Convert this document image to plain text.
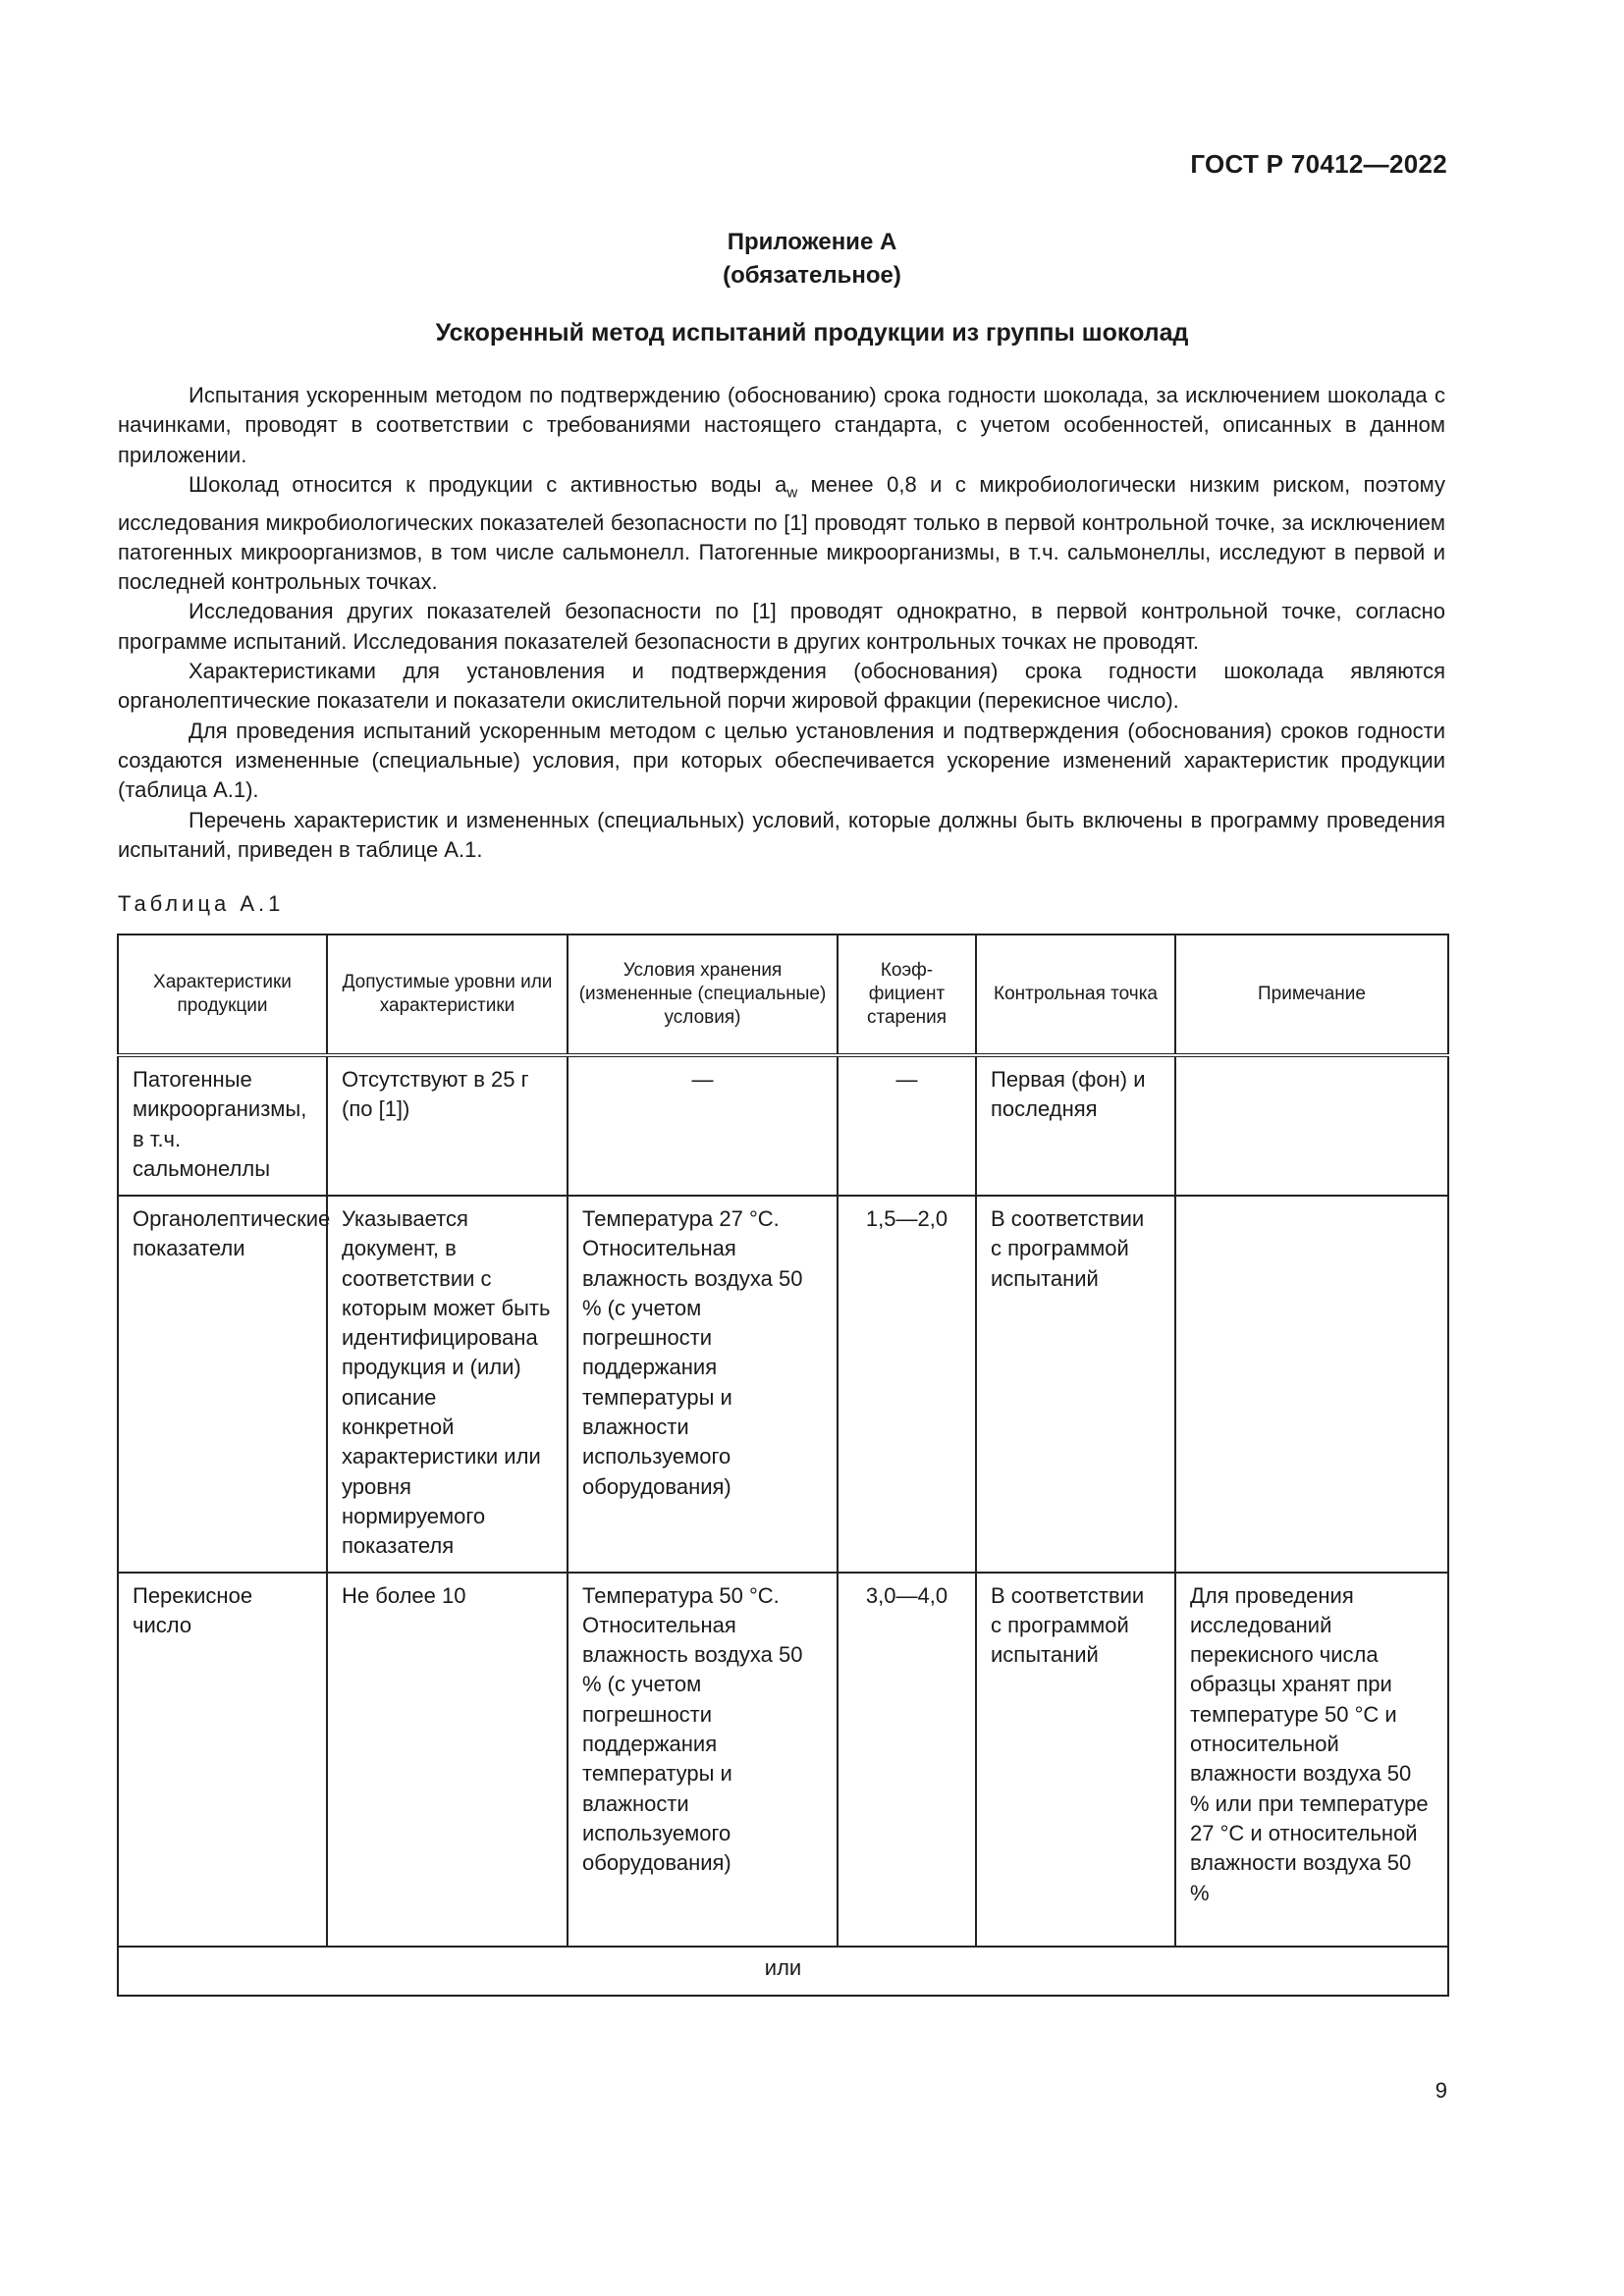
ГОСТ Р 70412—2022
Приложение А
(обязательное)
Ускоренный метод испытаний продукции из группы шоколад

Испытания ускоренным методом по подтверждению (обоснованию) срока годности шоколада, за исключением шоколада с начинками, проводят в соответствии с требованиями настоящего стандарта, с учетом особенностей, описанных в данном приложении.

Шоколад относится к продукции с активностью воды $a_w$ менее 0,8 и с микробиологически низким риском, поэтому исследования микробиологических показателей безопасности по [1] проводят только в первой контрольной точке, за исключением патогенных микроорганизмов, в том числе сальмонелл. Патогенные микроорганизмы, в т.ч. сальмонеллы, исследуют в первой и последней контрольных точках.

Исследования других показателей безопасности по [1] проводят однократно, в первой контрольной точке, согласно программе испытаний. Исследования показателей безопасности в других контрольных точках не проводят.

Характеристиками для установления и подтверждения (обоснования) срока годности шоколада являются органолептические показатели и показатели окислительной порчи жировой фракции (перекисное число).

Для проведения испытаний ускоренным методом с целью установления и подтверждения (обоснования) сроков годности создаются измененные (специальные) условия, при которых обеспечивается ускорение изменений характеристик продукции (таблица А.1).

Перечень характеристик и измененных (специальных) условий, которые должны быть включены в программу проведения испытаний, приведен в таблице А.1.

Таблица А.1
Характеристики продукции	Допустимые уровни или характеристики	Условия хранения (измененные (специальные) условия)	Коэф-фициент старения	Контрольная точка	Примечание
Патогенные микроорганизмы, в т.ч. сальмонеллы	Отсутствуют в 25 г (по [1])	—	—	Первая (фон) и последняя	
Органолептические показатели	Указывается документ, в соответствии с которым может быть идентифицирована продукция и (или) описание конкретной характеристики или уровня нормируемого показателя	Температура 27 °С. Относительная влажность воздуха 50 % (с учетом погрешности поддержания температуры и влажности используемого оборудования)	1,5—2,0	В соответствии с программой испытаний	
Перекисное число	Не более 10	Температура 50 °С. Относительная влажность воздуха 50 % (с учетом погрешности поддержания температуры и влажности используемого оборудования)	3,0—4,0	В соответствии с программой испытаний	Для проведения исследований перекисного числа образцы хранят при температуре 50 °С и относительной влажности воздуха 50 % или при температуре 27 °С и относительной влажности воздуха 50 %
или					
9
